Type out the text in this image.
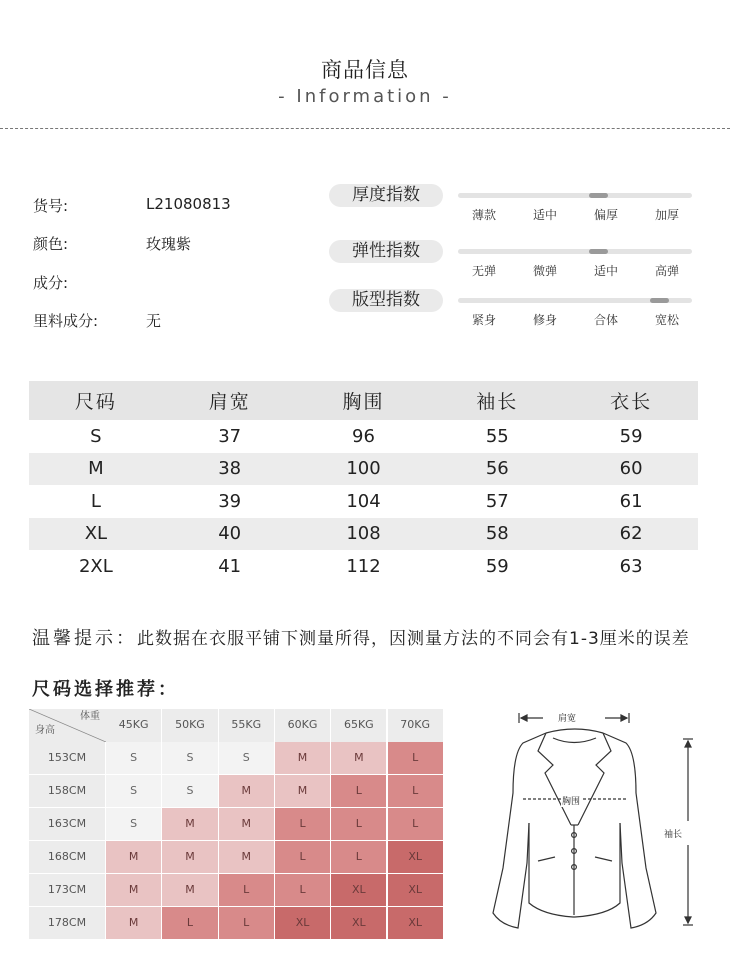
商品信息
- Information -
货号:	L21080813
颜色:	玫瑰紫
成分:
里料成分:	无
厚度指数
薄款	适中	偏厚	加厚
弹性指数
无弹	微弹	适中	高弹
版型指数
紧身	修身	合体	宽松
尺码	肩宽	胸围	袖长	衣长
S	37	96	55	59
M	38	100	56	60
L	39	104	57	61
XL	40	108	58	62
2XL	41	112	59	63
温馨提示：此数据在衣服平铺下测量所得，因测量方法的不同会有1-3厘米的误差
尺码选择推荐：
体重
身高	45KG	50KG	55KG	60KG	65KG	70KG
153CM	S	S	S	M	M	L
158CM	S	S	M	M	L	L
163CM	S	M	M	L	L	L
168CM	M	M	M	L	L	XL
173CM	M	M	L	L	XL	XL
178CM	M	L	L	XL	XL	XL
肩宽
胸围
袖长
